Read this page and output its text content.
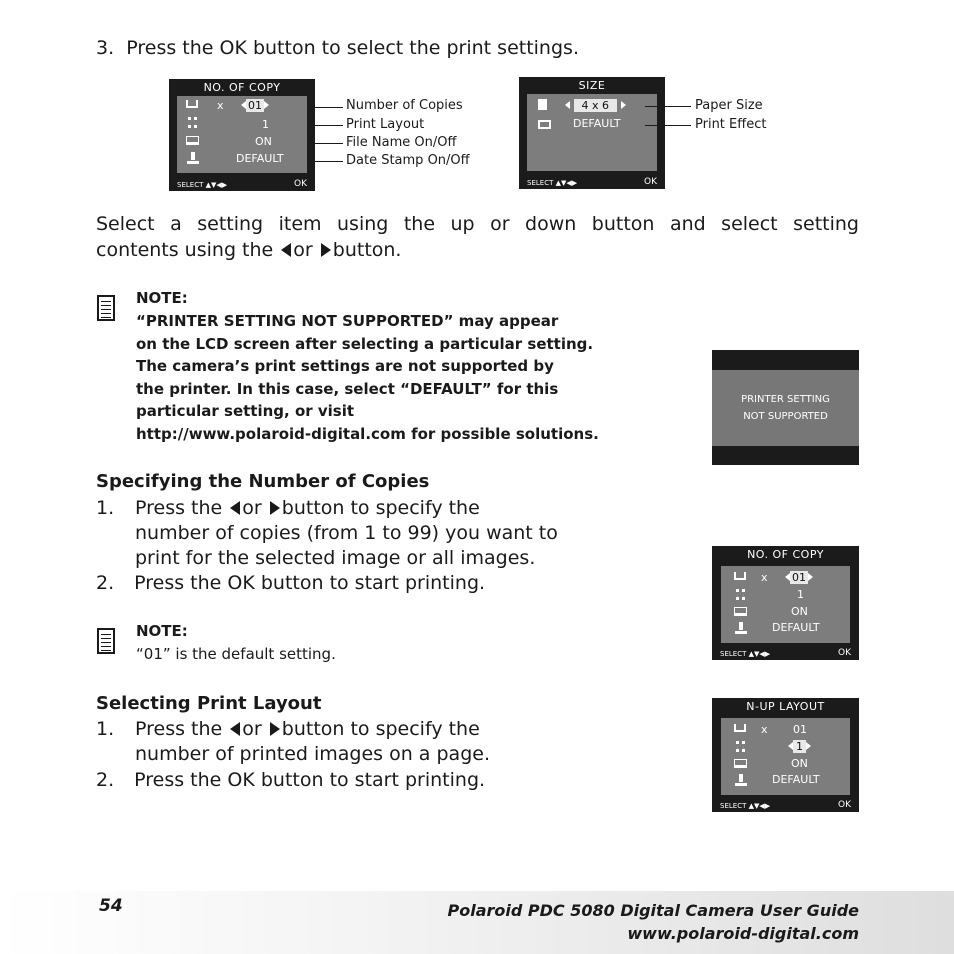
3. Press the OK button to select the print settings.
NO. OF COPY
x	01
1
ON
DEFAULT
SELECT ▲▼◀▶	OK
Number of Copies
Print Layout
File Name On/Off
Date Stamp On/Off
SIZE
4 x 6
DEFAULT
SELECT ▲▼◀▶	OK
Paper Size
Print Effect
Select a setting item using the up or down button and select setting
contents using the or button.
NOTE:
“PRINTER SETTING NOT SUPPORTED” may appear
on the LCD screen after selecting a particular setting.
The camera’s print settings are not supported by
the printer. In this case, select “DEFAULT” for this
particular setting, or visit
http://www.polaroid-digital.com for possible solutions.
PRINTER SETTING
NOT SUPPORTED
Specifying the Number of Copies
1. Press the or button to specify the
number of copies (from 1 to 99) you want to
print for the selected image or all images.
2. Press the OK button to start printing.
NOTE:
“01” is the default setting.
NO. OF COPY
x	01
1
ON
DEFAULT
SELECT ▲▼◀▶	OK
Selecting Print Layout
1. Press the or button to specify the
number of printed images on a page.
2. Press the OK button to start printing.
N-UP LAYOUT
x 01
1
ON
DEFAULT
SELECT ▲▼◀▶	OK
54	Polaroid PDC 5080 Digital Camera User Guide
www.polaroid-digital.com
